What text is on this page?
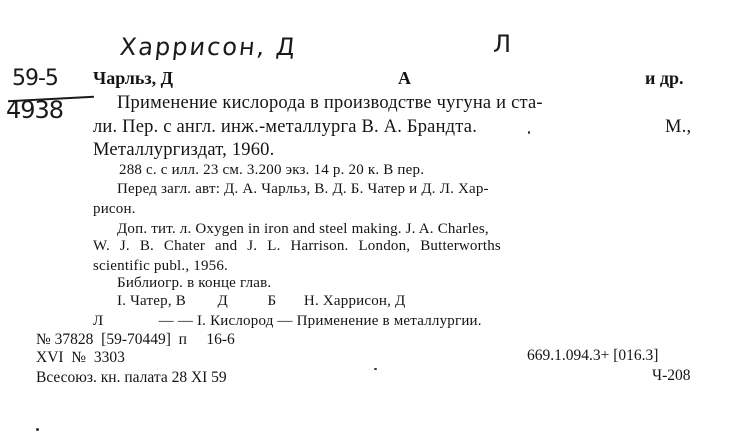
Харрисон, Д	Л
59-5
4938
Чарльз, Д	А	и др.
Применение кислорода в производстве чугуна и ста-
ли. Пер. с англ. инж.-металлурга В. А. Брандта.	М.,
Металлургиздат, 1960.
288 с. с илл. 23 см. 3.200 экз. 14 р. 20 к. В пер.
Перед загл. авт: Д. А. Чарльз, В. Д. Б. Чатер и Д. Л. Хар-
рисон.
Доп. тит. л. Oxygen in iron and steel making. J. A. Charles,
W. J. B. Chater and J. L. Harrison. London, Butterworths
scientific publ., 1956.
Библиогр. в конце глав.
I. Чатер, В        Д          Б       Н. Харрисон, Д
Л              — — I. Кислород — Применение в металлургии.
№ 37828  [59-70449]  п     16-6
XVI  №  3303	669.1.094.3+ [016.3]
Всесоюз. кн. палата 28 XI 59	Ч-208
